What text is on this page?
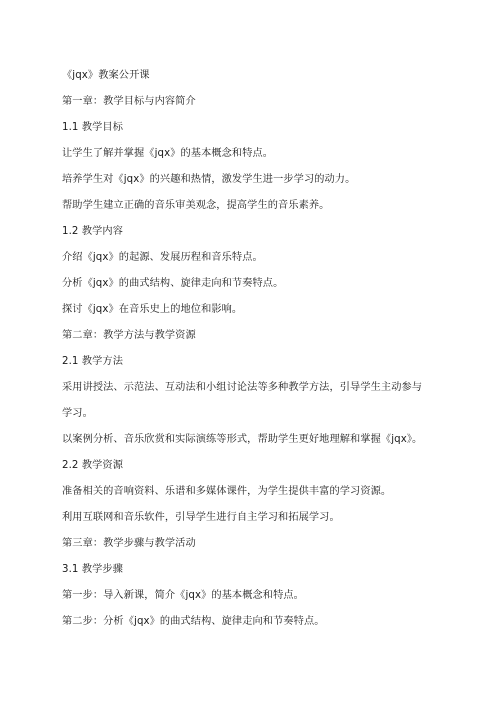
《jqx》教案公开课
第一章：教学目标与内容简介
1.1 教学目标
让学生了解并掌握《jqx》的基本概念和特点。
培养学生对《jqx》的兴趣和热情，激发学生进一步学习的动力。
帮助学生建立正确的音乐审美观念，提高学生的音乐素养。
1.2 教学内容
介绍《jqx》的起源、发展历程和音乐特点。
分析《jqx》的曲式结构、旋律走向和节奏特点。
探讨《jqx》在音乐史上的地位和影响。
第二章：教学方法与教学资源
2.1 教学方法
采用讲授法、示范法、互动法和小组讨论法等多种教学方法，引导学生主动参与
学习。
以案例分析、音乐欣赏和实际演练等形式，帮助学生更好地理解和掌握《jqx》。
2.2 教学资源
准备相关的音响资料、乐谱和多媒体课件，为学生提供丰富的学习资源。
利用互联网和音乐软件，引导学生进行自主学习和拓展学习。
第三章：教学步骤与教学活动
3.1 教学步骤
第一步：导入新课，简介《jqx》的基本概念和特点。
第二步：分析《jqx》的曲式结构、旋律走向和节奏特点。
